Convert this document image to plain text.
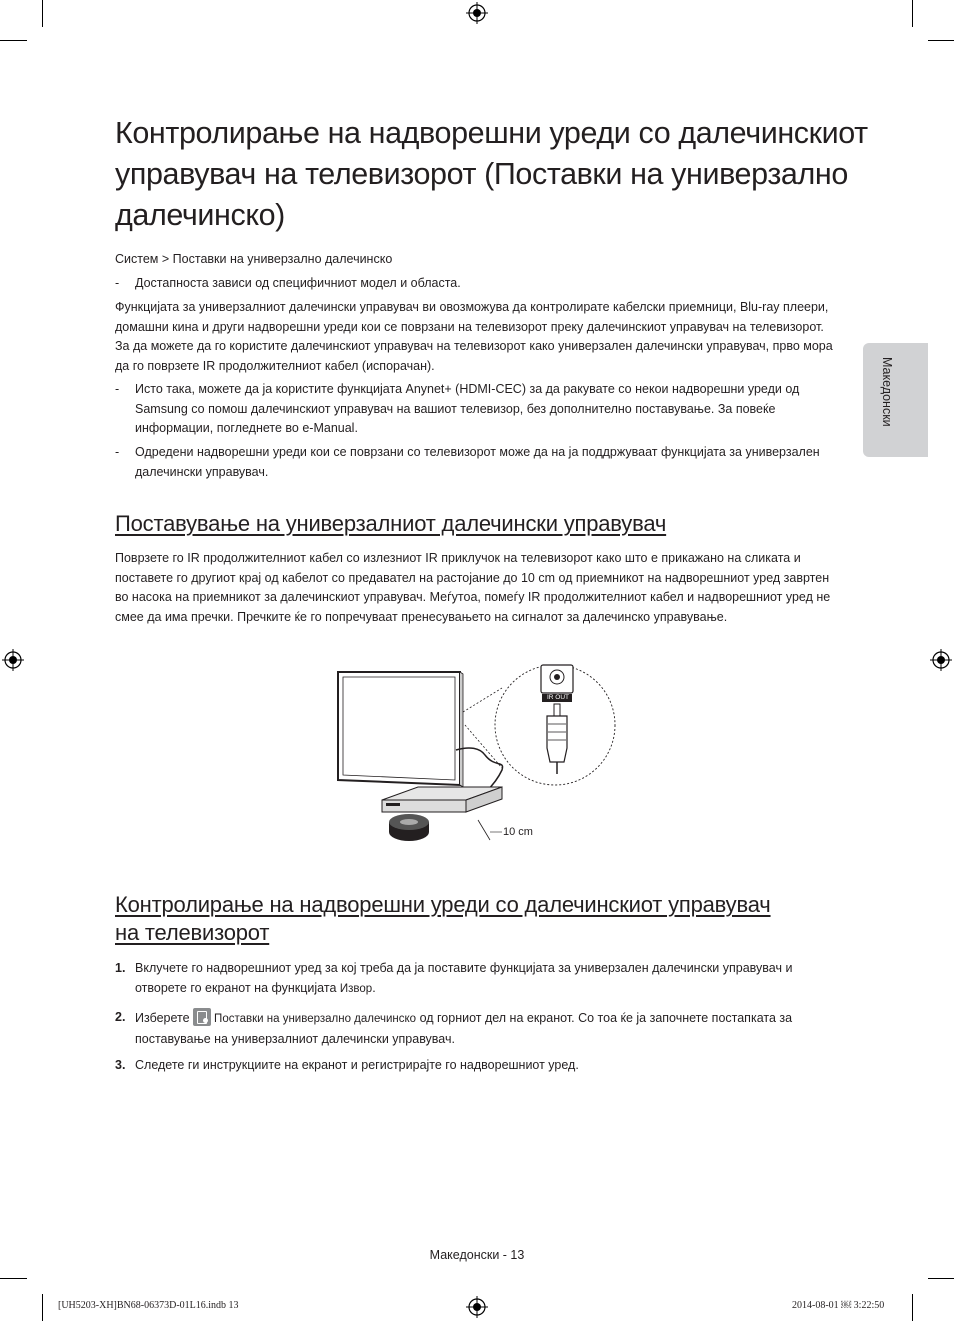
Македонски
Контролирање на надворешни уреди со далечинскиот управувач на телевизорот (Поставки на универзално далечинско)
Систем > Поставки на универзално далечинско
- Достапноста зависи од специфичниот модел и областа.

Функцијата за универзалниот далечински управувач ви овозможува да контролирате кабелски приемници, Blu-ray плеери, домашни кина и други надворешни уреди кои се поврзани на телевизорот преку далечинскиот управувач на телевизорот. За да можете да го користите далечинскиот управувач на телевизорот како универзален далечински управувач, прво мора да го поврзете IR продолжителниот кабел (испорачан).

- Исто така, можете да ја користите функцијата Anynet+ (HDMI-CEC) за да ракувате со некои надворешни уреди од Samsung со помош далечинскиот управувач на вашиот телевизор, без дополнително поставување. За повеќе информации, погледнете во e-Manual.
- Одредени надворешни уреди кои се поврзани со телевизорот може да на ја поддржуваат функцијата за универзален далечински управувач.
Поставување на универзалниот далечински управувач

Поврзете го IR продолжителниот кабел со излезниот IR приклучок на телевизорот како што е прикажано на сликата и поставете го другиот крај од кабелот со предавател на растојание до 10 cm од приемникот на надворешниот уред завртен во насока на приемникот за далечинскиот управувач. Меѓутоа, помеѓу IR продолжителниот кабел и надворешниот уред не смее да има пречки. Пречките ќе го попречуваат пренесувањето на сигналот за далечинско управување.

IR OUT
10 cm
Контролирање на надворешни уреди со далечинскиот управувач на телевизорот
1. Вклучете го надворешниот уред за кој треба да ја поставите функцијата за универзален далечински управувач и отворете го екранот на функцијата Извор.
2. Изберете
Поставки на универзално далечинско од горниот дел на екранот. Со тоа ќе ја започнете постапката за поставување на универзалниот далечински управувач.
3. Следете ги инструкциите на екранот и регистрирајте го надворешниот уред.
Македонски - 13
[UH5203-XH]BN68-06373D-01L16.indb 13	2014-08-01 ￼ 3:22:50
